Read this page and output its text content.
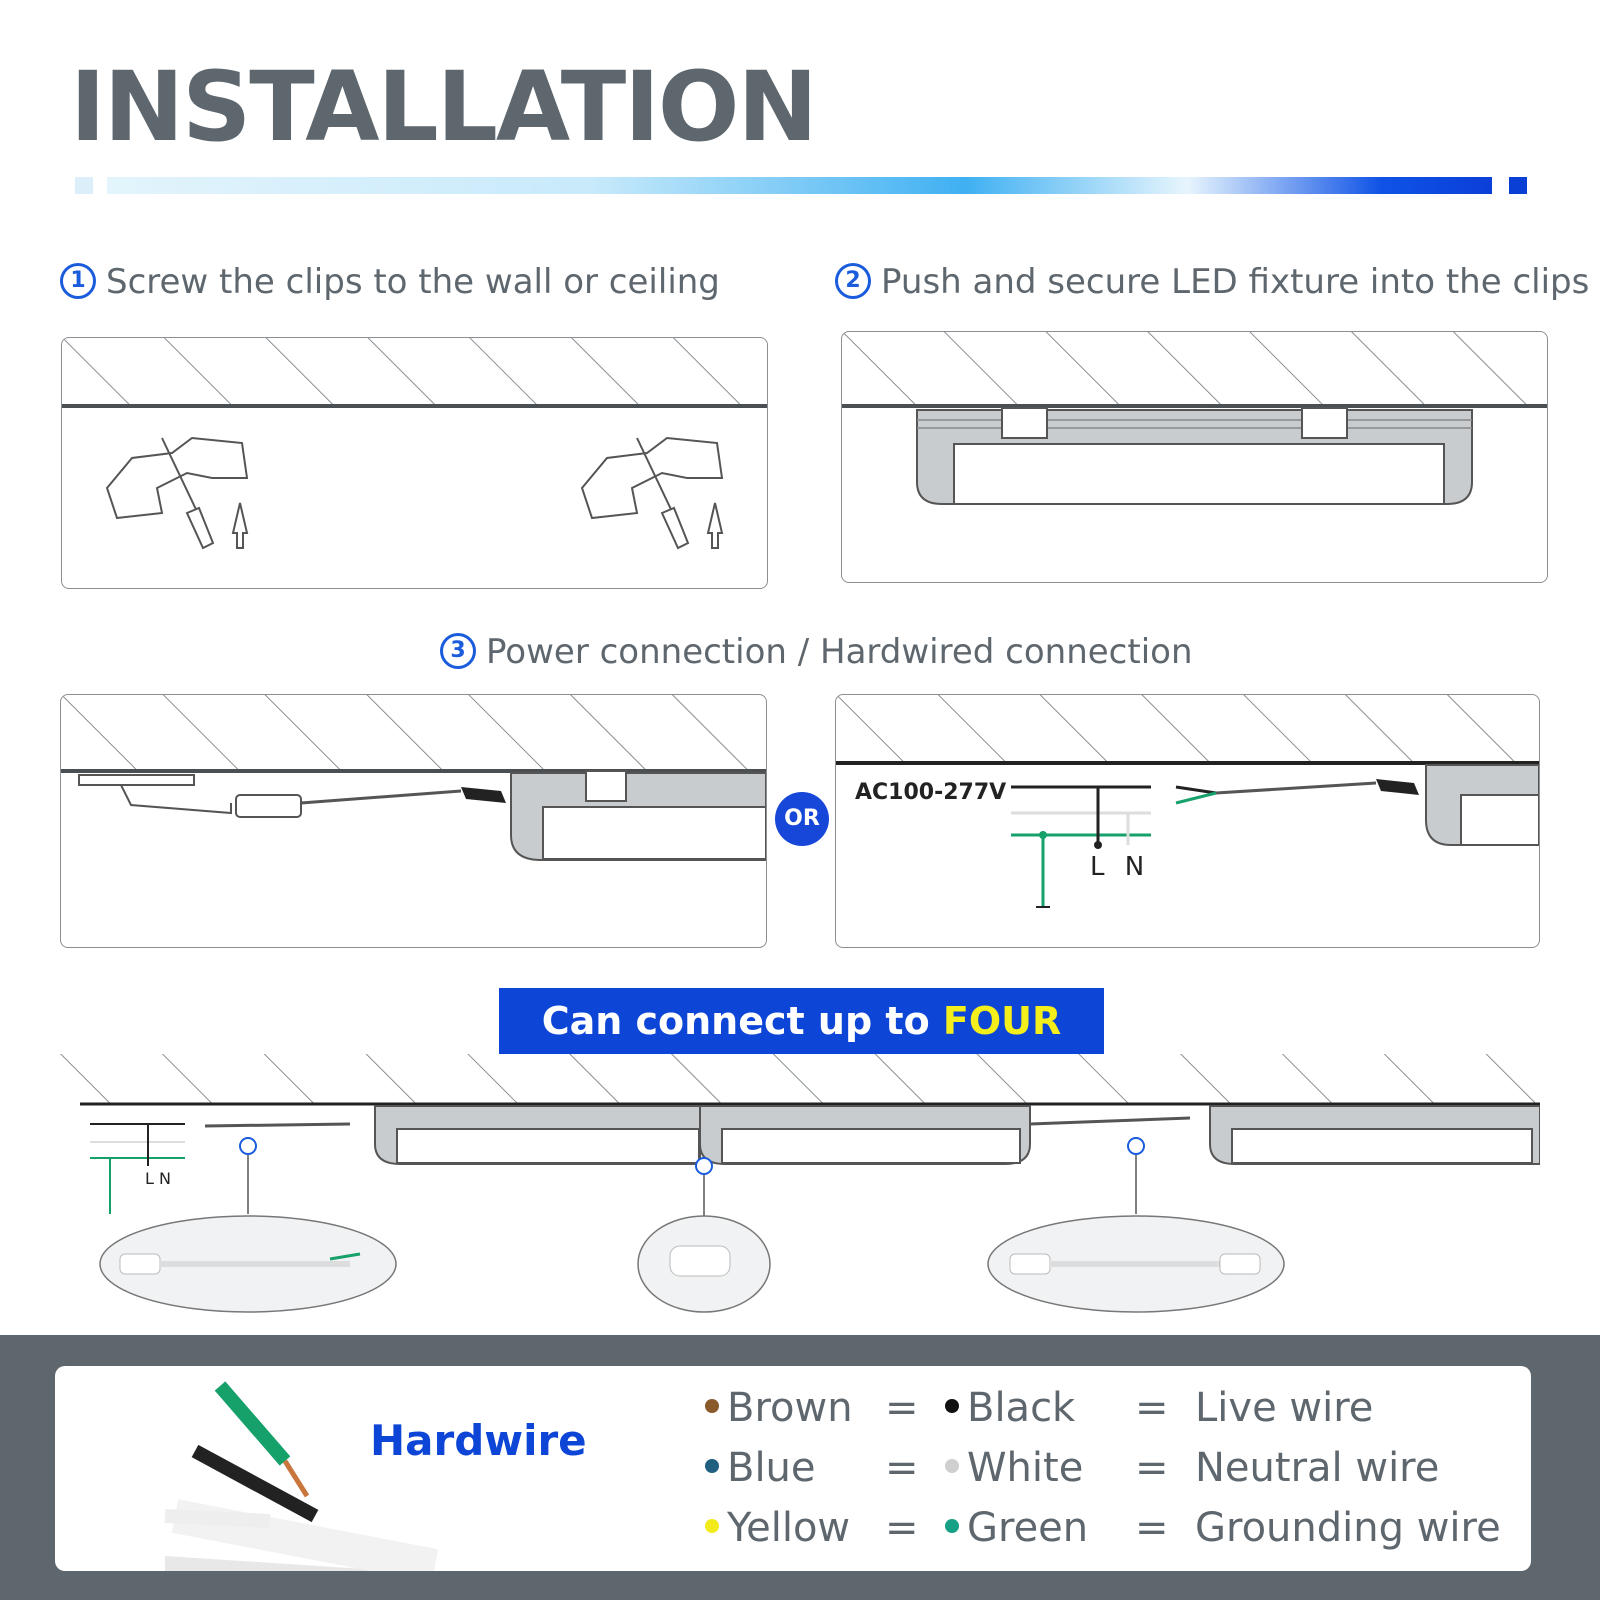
INSTALLATION
1 Screw the clips to the wall or ceiling	2 Push and secure LED fixture into the clips
3 Power connection / Hardwired connection
OR
AC100-277V
L N
Can connect up to FOUR
L N
Hardwire
Brown =	Black = Live wire
Blue =	White = Neutral wire
Yellow =	Green = Grounding wire
